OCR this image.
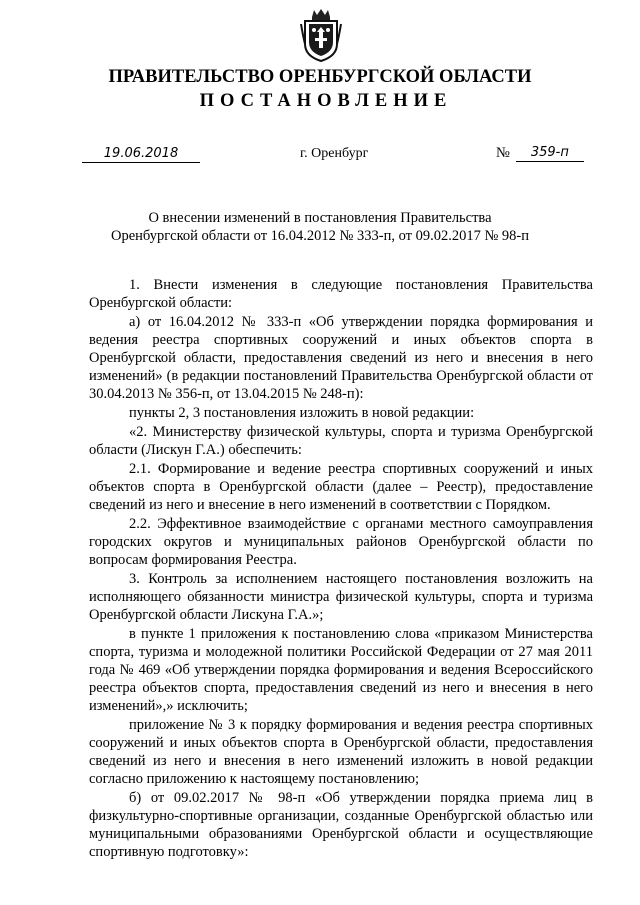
ПРАВИТЕЛЬСТВО ОРЕНБУРГСКОЙ ОБЛАСТИ
ПОСТАНОВЛЕНИЕ
19.06.2018	г. Оренбург	№	359-п
О внесении изменений в постановления Правительства
Оренбургской области от 16.04.2012 № 333-п, от 09.02.2017 № 98-п

1. Внести изменения в следующие постановления Правительства Оренбургской области:

а) от 16.04.2012 № 333-п «Об утверждении порядка формирования и ведения реестра спортивных сооружений и иных объектов спорта в Оренбургской области, предоставления сведений из него и внесения в него изменений» (в редакции постановлений Правительства Оренбургской области от 30.04.2013 № 356-п, от 13.04.2015 № 248-п):

пункты 2, 3 постановления изложить в новой редакции:

«2. Министерству физической культуры, спорта и туризма Оренбургской области (Лискун Г.А.) обеспечить:

2.1. Формирование и ведение реестра спортивных сооружений и иных объектов спорта в Оренбургской области (далее – Реестр), предоставление сведений из него и внесение в него изменений в соответствии с Порядком.

2.2. Эффективное взаимодействие с органами местного самоуправления городских округов и муниципальных районов Оренбургской области по вопросам формирования Реестра.

3. Контроль за исполнением настоящего постановления возложить на исполняющего обязанности министра физической культуры, спорта и туризма Оренбургской области Лискуна Г.А.»;

в пункте 1 приложения к постановлению слова «приказом Министерства спорта, туризма и молодежной политики Российской Федерации от 27 мая 2011 года № 469 «Об утверждении порядка формирования и ведения Всероссийского реестра объектов спорта, предоставления сведений из него и внесения в него изменений»,» исключить;

приложение № 3 к порядку формирования и ведения реестра спортивных сооружений и иных объектов спорта в Оренбургской области, предоставления сведений из него и внесения в него изменений изложить в новой редакции согласно приложению к настоящему постановлению;

б) от 09.02.2017 № 98-п «Об утверждении порядка приема лиц в физкультурно-спортивные организации, созданные Оренбургской областью или муниципальными образованиями Оренбургской области и осуществляющие спортивную подготовку»:
